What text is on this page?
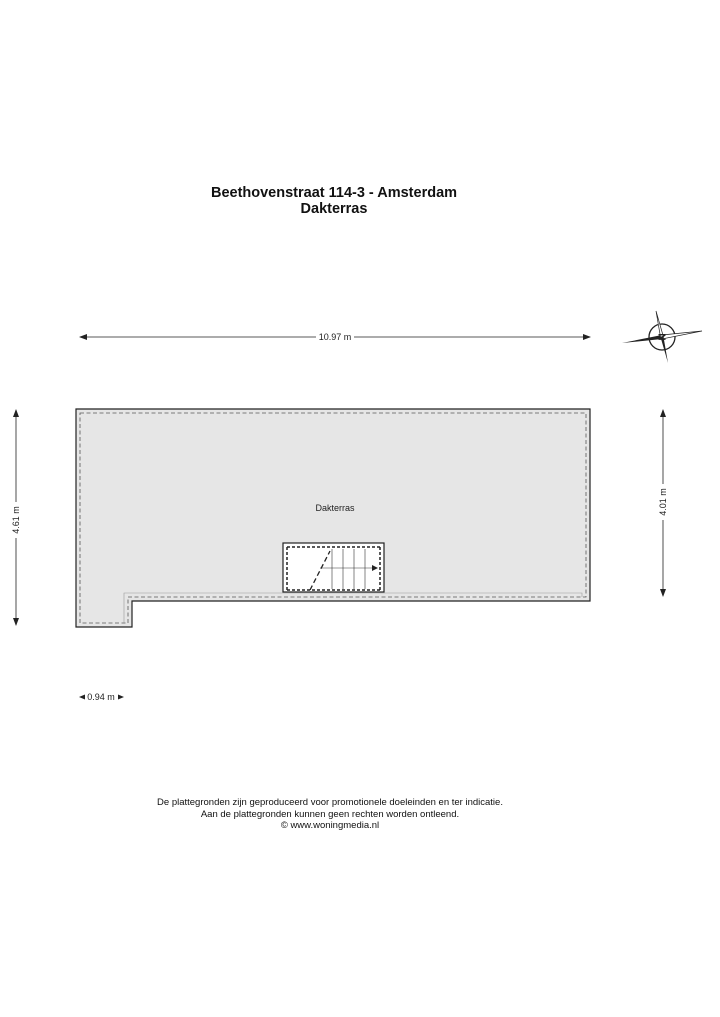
Beethovenstraat 114-3 - Amsterdam
Dakterras
10.97 m
4.61 m
4.01 m
0.94 m
Dakterras
N
De plattegronden zijn geproduceerd voor promotionele doeleinden en ter indicatie.
Aan de plattegronden kunnen geen rechten worden ontleend.
© www.woningmedia.nl
